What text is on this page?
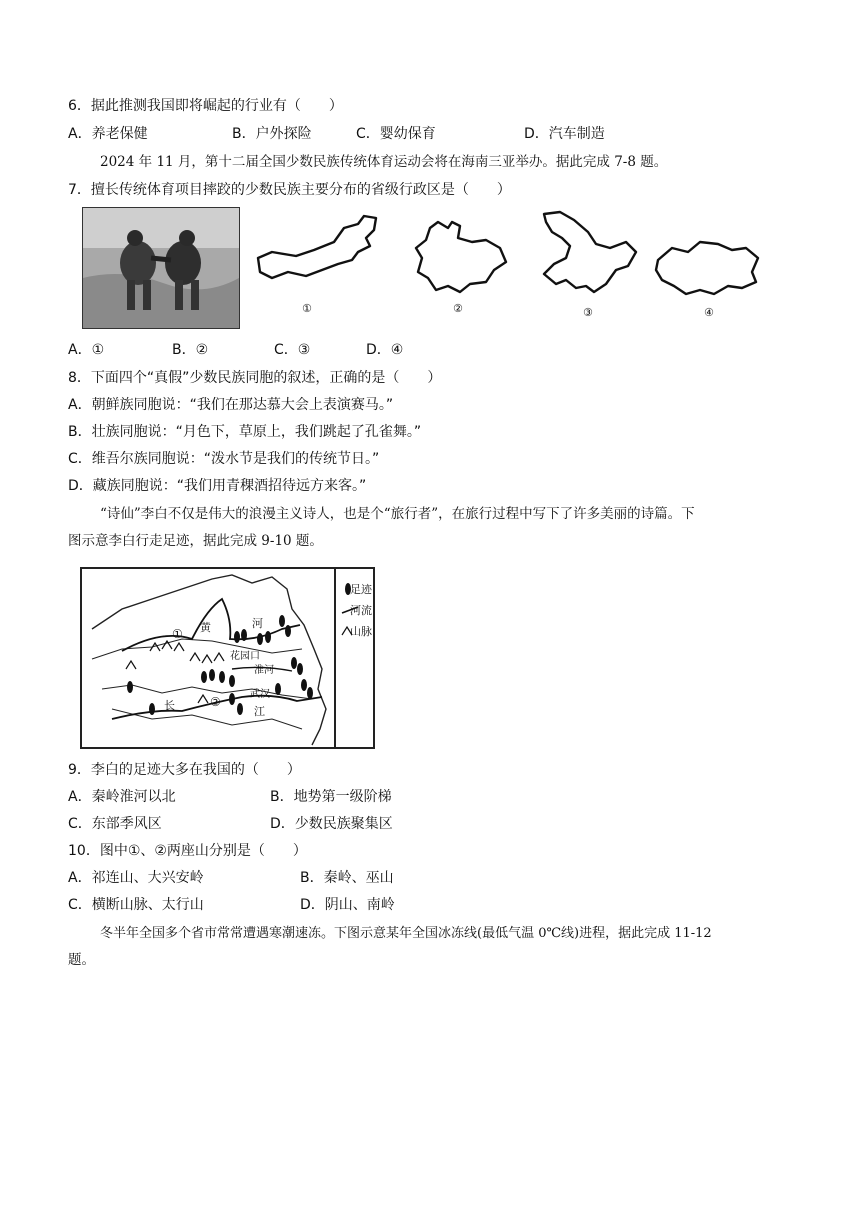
6．据此推测我国即将崛起的行业有（　　）
A．养老保健	B．户外探险	C．婴幼保育	D．汽车制造
2024 年 11 月，第十二届全国少数民族传统体育运动会将在海南三亚举办。据此完成 7-8 题。
7．擅长传统体育项目摔跤的少数民族主要分布的省级行政区是（　　）
①	②	③	④
A．①	B．②	C．③	D．④
8．下面四个“真假”少数民族同胞的叙述，正确的是（　　）
A．朝鲜族同胞说：“我们在那达慕大会上表演赛马。”
B．壮族同胞说：“月色下，草原上，我们跳起了孔雀舞。”
C．维吾尔族同胞说：“泼水节是我们的传统节日。”
D．藏族同胞说：“我们用青稞酒招待远方来客。”
“诗仙”李白不仅是伟大的浪漫主义诗人，也是个“旅行者”，在旅行过程中写下了许多美丽的诗篇。下
图示意李白行走足迹，据此完成 9-10 题。
①
②
黄	河
花园口
淮河
武汉
长	江
足迹
河流
山脉
9．李白的足迹大多在我国的（　　）
A．秦岭淮河以北	B．地势第一级阶梯
C．东部季风区	D．少数民族聚集区
10．图中①、②两座山分别是（　　）
A．祁连山、大兴安岭	B．秦岭、巫山
C．横断山脉、太行山	D．阴山、南岭
冬半年全国多个省市常常遭遇寒潮速冻。下图示意某年全国冰冻线(最低气温 0℃线)进程，据此完成 11-12
题。
